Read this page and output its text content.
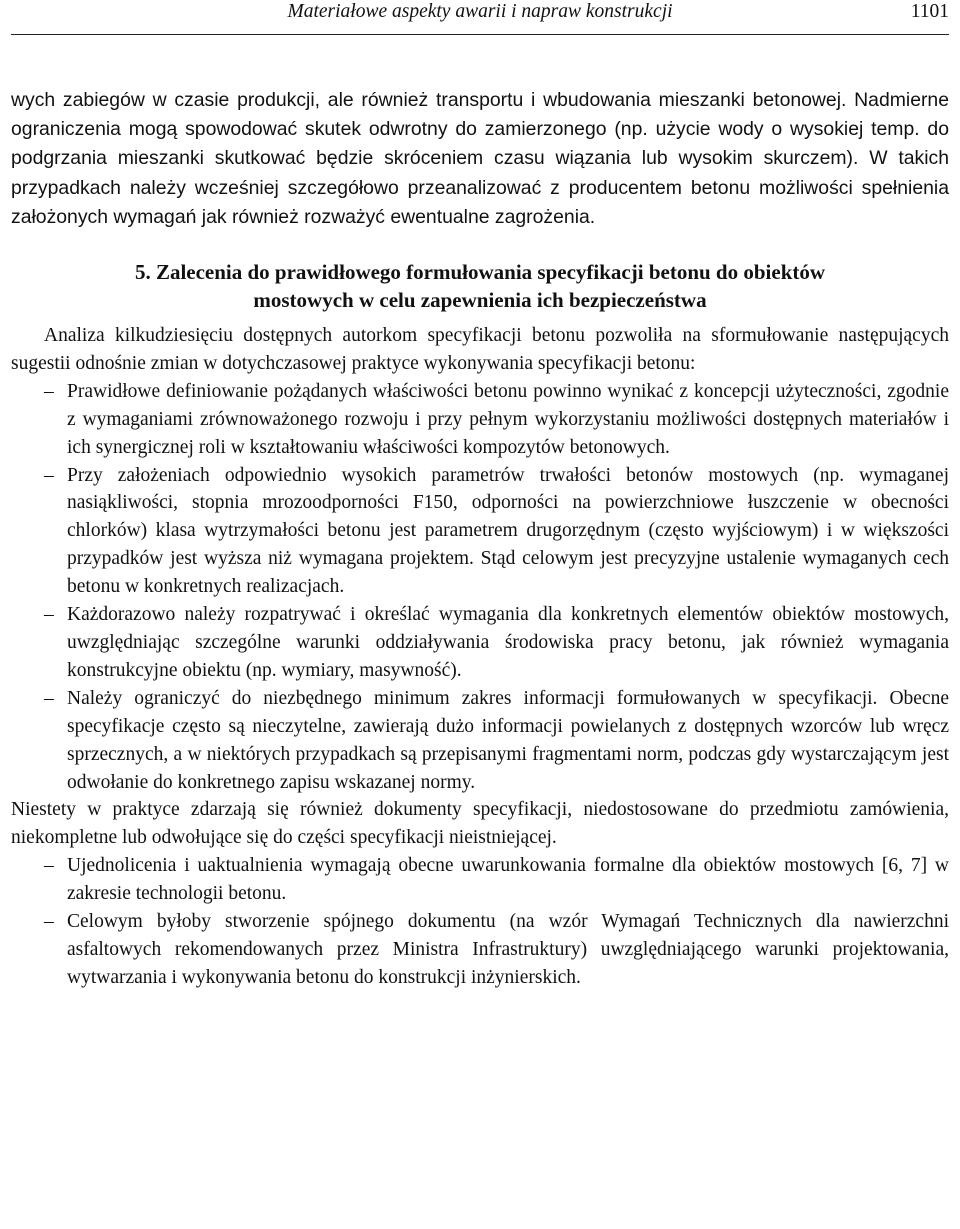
Materiałowe aspekty awarii i napraw konstrukcji	1101

wych zabiegów w czasie produkcji, ale również transportu i wbudowania mieszanki betonowej. Nadmierne ograniczenia mogą spowodować skutek odwrotny do zamierzonego (np. użycie wody o wysokiej temp. do podgrzania mieszanki skutkować będzie skróceniem czasu wiązania lub wysokim skurczem). W takich przypadkach należy wcześniej szczegółowo przeanalizować z producentem betonu możliwości spełnienia założonych wymagań jak również rozważyć ewentualne zagrożenia.

5. Zalecenia do prawidłowego formułowania specyfikacji betonu do obiektów
mostowych w celu zapewnienia ich bezpieczeństwa

Analiza kilkudziesięciu dostępnych autorkom specyfikacji betonu pozwoliła na sformułowanie następujących sugestii odnośnie zmian w dotychczasowej praktyce wykonywania specyfikacji betonu:

– Prawidłowe definiowanie pożądanych właściwości betonu powinno wynikać z koncepcji użyteczności, zgodnie z wymaganiami zrównoważonego rozwoju i przy pełnym wykorzystaniu możliwości dostępnych materiałów i ich synergicznej roli w kształtowaniu właściwości kompozytów betonowych.
– Przy założeniach odpowiednio wysokich parametrów trwałości betonów mostowych (np. wymaganej nasiąkliwości, stopnia mrozoodporności F150, odporności na powierzchniowe łuszczenie w obecności chlorków) klasa wytrzymałości betonu jest parametrem drugorzędnym (często wyjściowym) i w większości przypadków jest wyższa niż wymagana projektem. Stąd celowym jest precyzyjne ustalenie wymaganych cech betonu w konkretnych realizacjach.
– Każdorazowo należy rozpatrywać i określać wymagania dla konkretnych elementów obiektów mostowych, uwzględniając szczególne warunki oddziaływania środowiska pracy betonu, jak również wymagania konstrukcyjne obiektu (np. wymiary, masywność).
– Należy ograniczyć do niezbędnego minimum zakres informacji formułowanych w specyfikacji. Obecne specyfikacje często są nieczytelne, zawierają dużo informacji powielanych z dostępnych wzorców lub wręcz sprzecznych, a w niektórych przypadkach są przepisanymi fragmentami norm, podczas gdy wystarczającym jest odwołanie do konkretnego zapisu wskazanej normy.

Niestety w praktyce zdarzają się również dokumenty specyfikacji, niedostosowane do przedmiotu zamówienia, niekompletne lub odwołujące się do części specyfikacji nieistniejącej.

– Ujednolicenia i uaktualnienia wymagają obecne uwarunkowania formalne dla obiektów mostowych [6, 7] w zakresie technologii betonu.
– Celowym byłoby stworzenie spójnego dokumentu (na wzór Wymagań Technicznych dla nawierzchni asfaltowych rekomendowanych przez Ministra Infrastruktury) uwzględniającego warunki projektowania, wytwarzania i wykonywania betonu do konstrukcji inżynierskich.
